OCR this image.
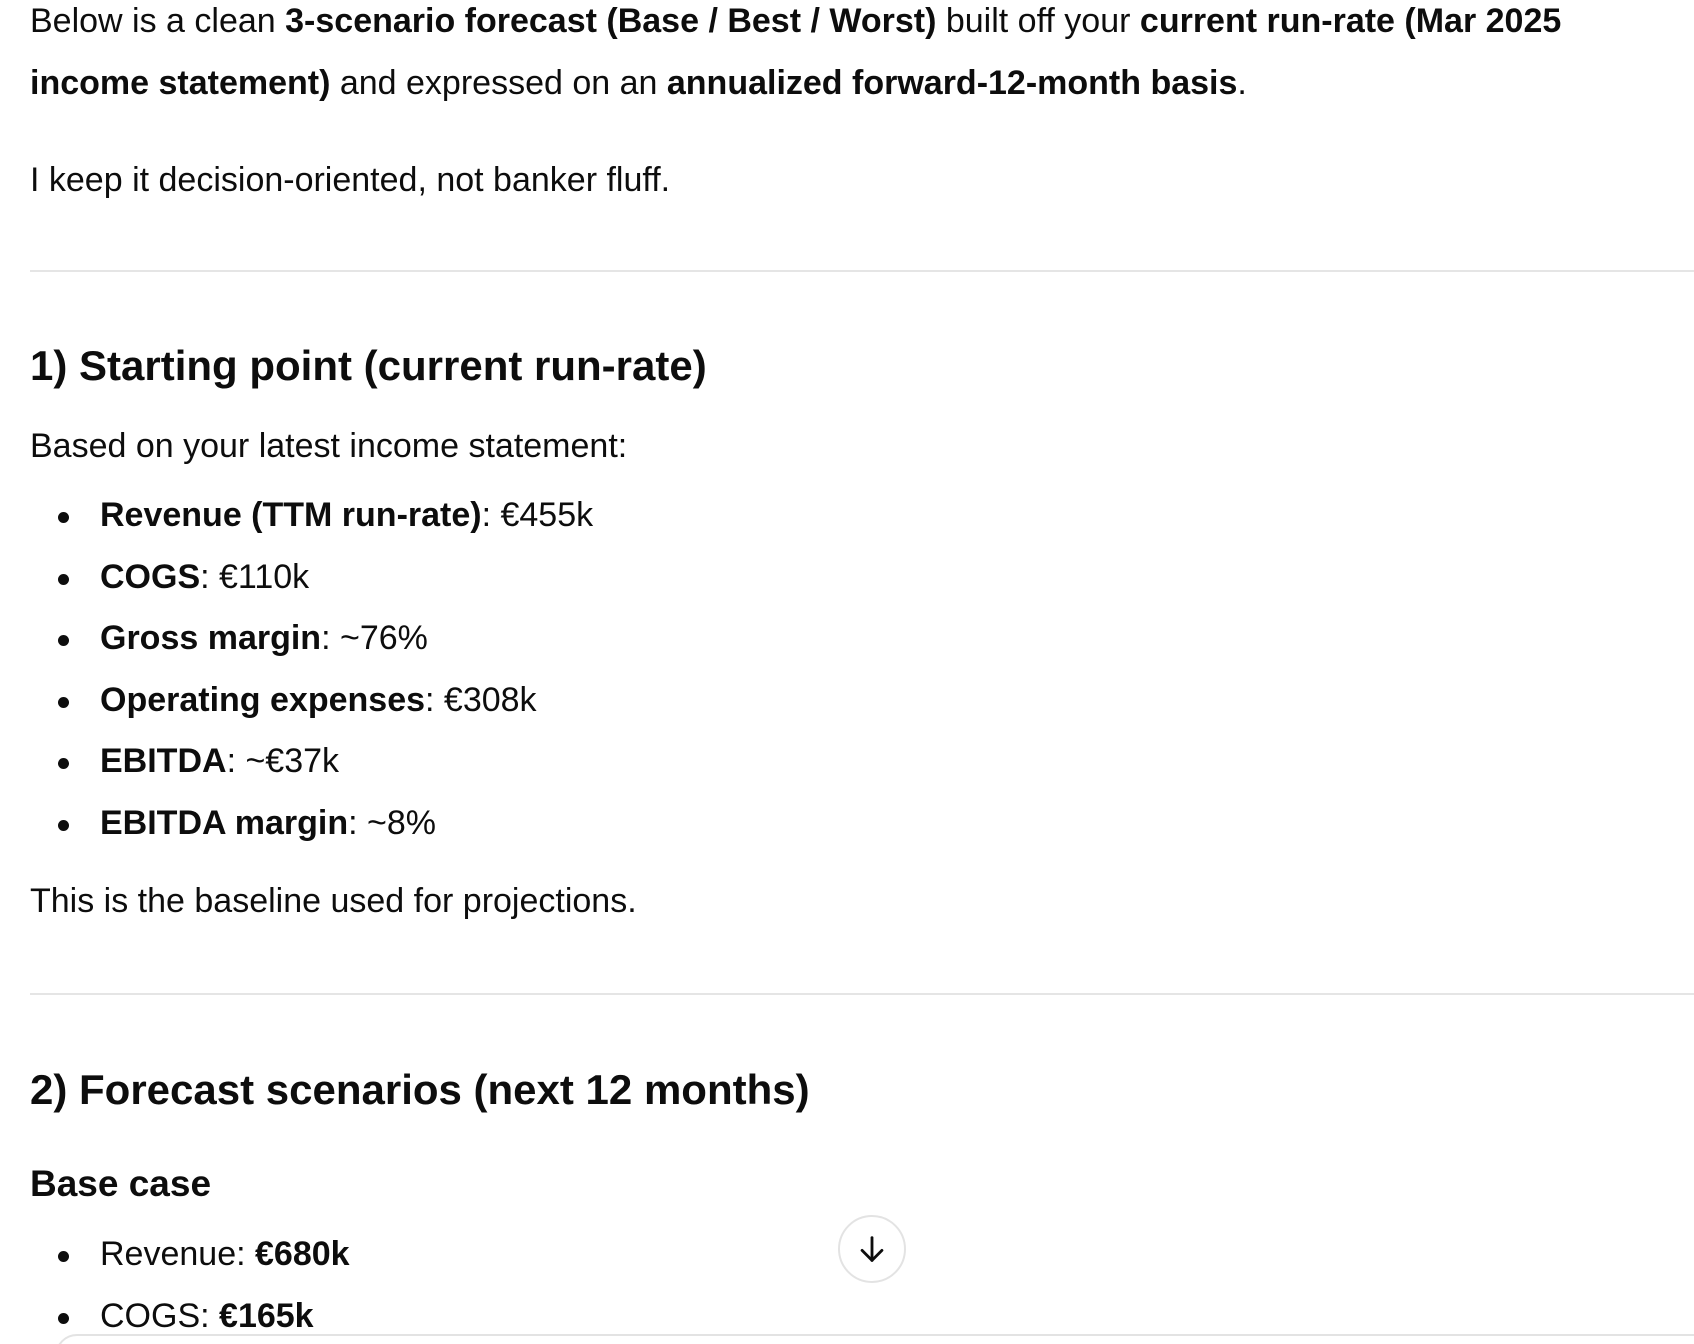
Below is a clean 3-scenario forecast (Base / Best / Worst) built off your current run-rate (Mar 2025 income statement) and expressed on an annualized forward-12-month basis.

I keep it decision-oriented, not banker fluff.

1) Starting point (current run-rate)

Based on your latest income statement:

Revenue (TTM run-rate): €455k
COGS: €110k
Gross margin: ~76%
Operating expenses: €308k
EBITDA: ~€37k
EBITDA margin: ~8%

This is the baseline used for projections.

2) Forecast scenarios (next 12 months)
Base case
Revenue: €680k
COGS: €165k
